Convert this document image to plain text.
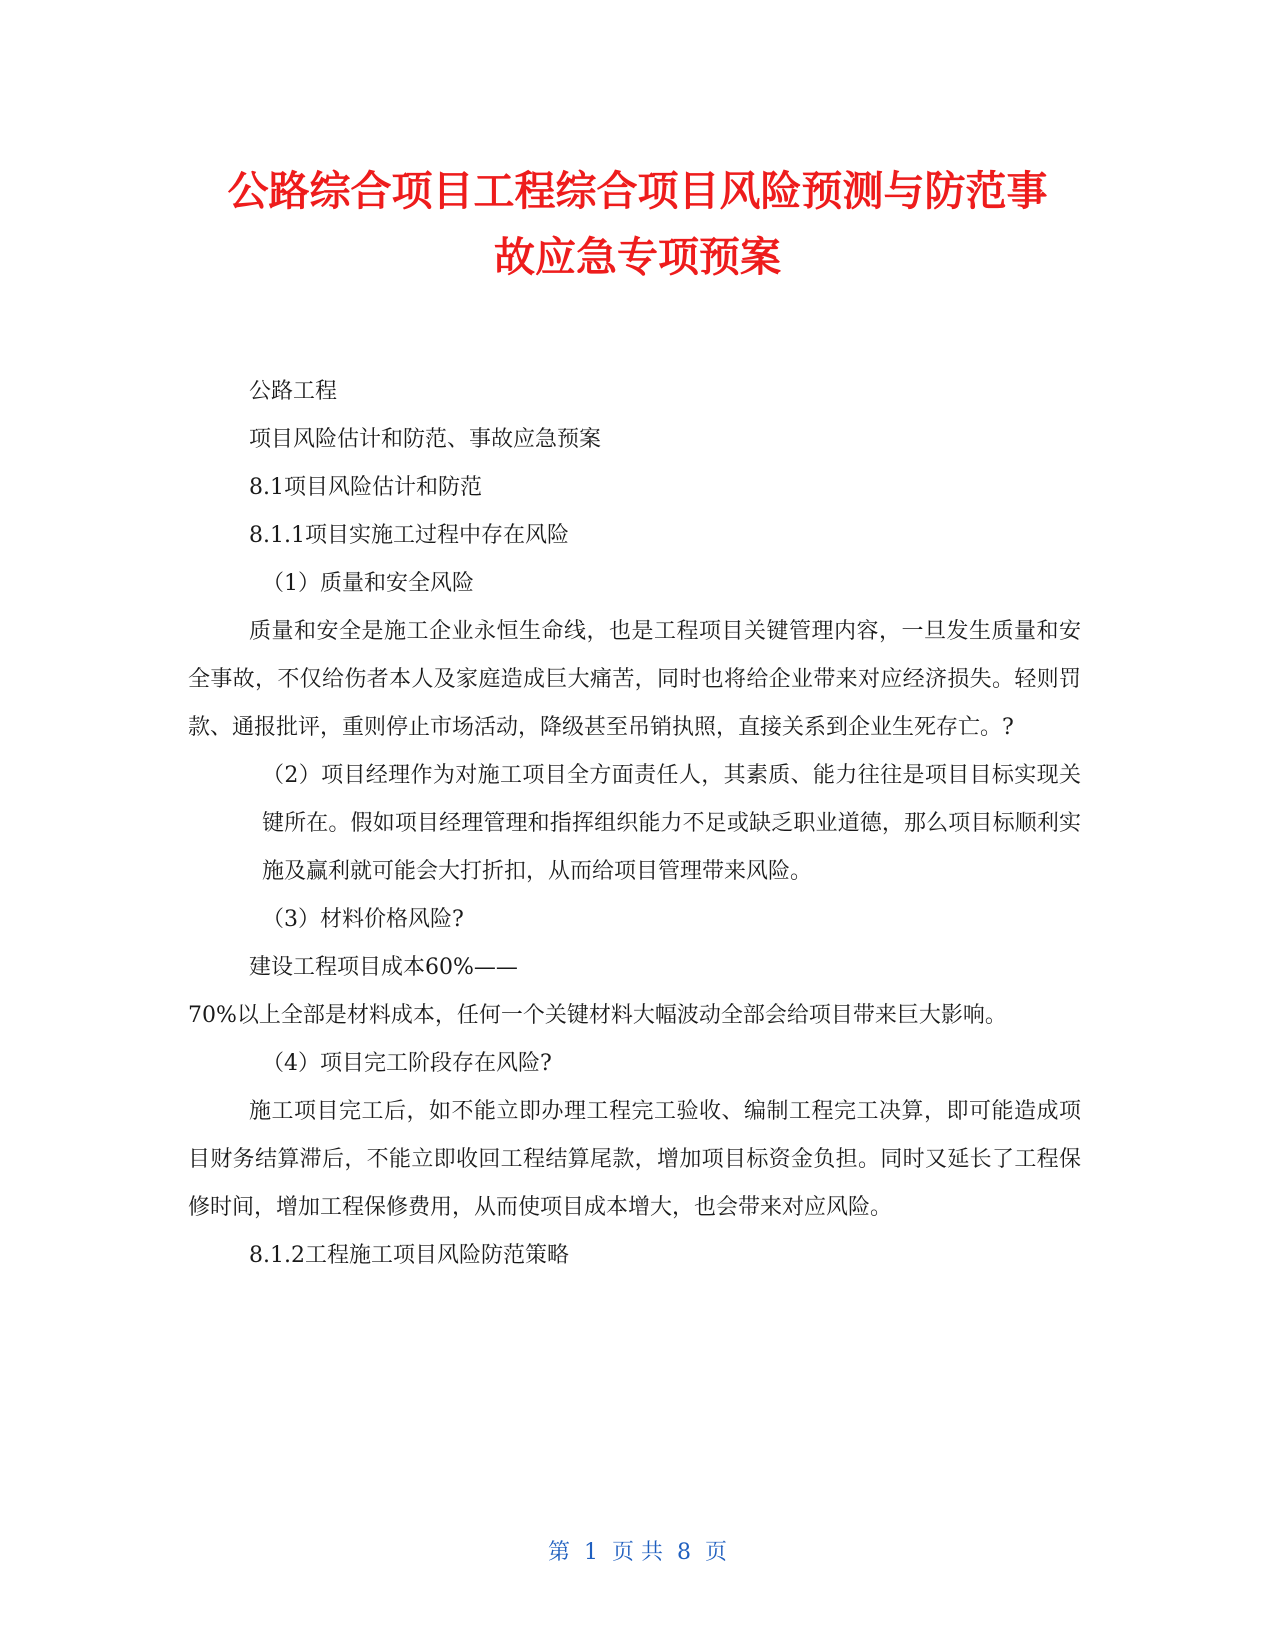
公路综合项目工程综合项目风险预测与防范事
故应急专项预案

公路工程

项目风险估计和防范、事故应急预案

8.1项目风险估计和防范

8.1.1项目实施工过程中存在风险

（1）质量和安全风险

质量和安全是施工企业永恒生命线，也是工程项目关键管理内容，一旦发生质量和安全事故，不仅给伤者本人及家庭造成巨大痛苦，同时也将给企业带来对应经济损失。轻则罚款、通报批评，重则停止市场活动，降级甚至吊销执照，直接关系到企业生死存亡。?

（2）项目经理作为对施工项目全方面责任人，其素质、能力往往是项目目标实现关键所在。假如项目经理管理和指挥组织能力不足或缺乏职业道德，那么项目标顺利实施及赢利就可能会大打折扣，从而给项目管理带来风险。

（3）材料价格风险?

建设工程项目成本60%——

70%以上全部是材料成本，任何一个关键材料大幅波动全部会给项目带来巨大影响。

（4）项目完工阶段存在风险?

施工项目完工后，如不能立即办理工程完工验收、编制工程完工决算，即可能造成项目财务结算滞后，不能立即收回工程结算尾款，增加项目标资金负担。同时又延长了工程保修时间，增加工程保修费用，从而使项目成本增大，也会带来对应风险。

8.1.2工程施工项目风险防范策略

第 1 页 共 8 页
